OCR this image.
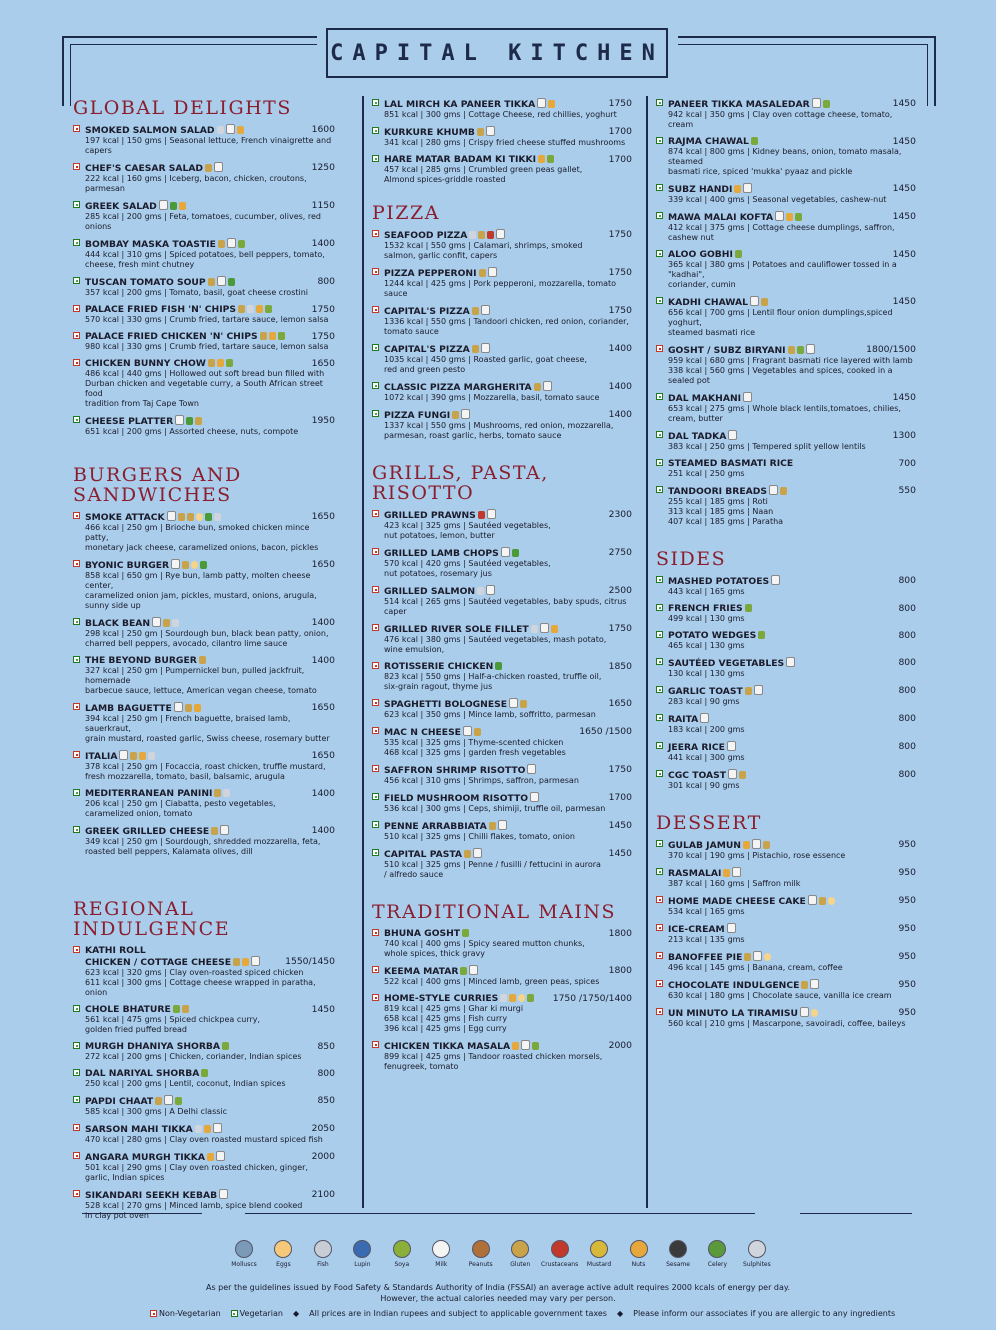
CAPITAL KITCHEN
GLOBAL DELIGHTS
SMOKED SALMON SALAD	1600
197 kcal | 150 gms | Seasonal lettuce, French vinaigrette and capers
CHEF'S CAESAR SALAD	1250
222 kcal | 160 gms | Iceberg, bacon, chicken, croutons, parmesan
GREEK SALAD	1150
285 kcal | 200 gms | Feta, tomatoes, cucumber, olives, red onions
BOMBAY MASKA TOASTIE	1400
444 kcal | 310 gms | Spiced potatoes, bell peppers, tomato,
cheese, fresh mint chutney
TUSCAN TOMATO SOUP	800
357 kcal | 200 gms | Tomato, basil, goat cheese crostini
PALACE FRIED FISH 'N' CHIPS	1750
570 kcal | 330 gms | Crumb fried, tartare sauce, lemon salsa
PALACE FRIED CHICKEN 'N' CHIPS	1750
980 kcal | 330 gms | Crumb fried, tartare sauce, lemon salsa
CHICKEN BUNNY CHOW	1650
486 kcal | 440 gms | Hollowed out soft bread bun filled with
Durban chicken and vegetable curry, a South African street food
tradition from Taj Cape Town
CHEESE PLATTER	1950
651 kcal | 200 gms | Assorted cheese, nuts, compote
BURGERS AND SANDWICHES
SMOKE ATTACK	1650
466 kcal | 250 gm | Brioche bun, smoked chicken mince patty,
monetary jack cheese, caramelized onions, bacon, pickles
BYONIC BURGER	1650
858 kcal | 650 gm | Rye bun, lamb patty, molten cheese center,
caramelized onion jam, pickles, mustard, onions, arugula, sunny side up
BLACK BEAN	1400
298 kcal | 250 gm | Sourdough bun, black bean patty, onion,
charred bell peppers, avocado, cilantro lime sauce
THE BEYOND BURGER	1400
327 kcal | 250 gm | Pumpernickel bun, pulled jackfruit, homemade
barbecue sauce, lettuce, American vegan cheese, tomato
LAMB BAGUETTE	1650
394 kcal | 250 gm | French baguette, braised lamb, sauerkraut,
grain mustard, roasted garlic, Swiss cheese, rosemary butter
ITALIA	1650
378 kcal | 250 gm | Focaccia, roast chicken, truffle mustard,
fresh mozzarella, tomato, basil, balsamic, arugula
MEDITERRANEAN PANINI	1400
206 kcal | 250 gm | Ciabatta, pesto vegetables,
caramelized onion, tomato
GREEK GRILLED CHEESE	1400
349 kcal | 250 gm | Sourdough, shredded mozzarella, feta,
roasted bell peppers, Kalamata olives, dill
REGIONAL INDULGENCE
KATHI ROLL
CHICKEN / COTTAGE CHEESE	1550/1450
623 kcal | 320 gms | Clay oven-roasted spiced chicken
611 kcal | 300 gms | Cottage cheese wrapped in paratha, onion
CHOLE BHATURE	1450
561 kcal | 475 gms | Spiced chickpea curry,
golden fried puffed bread
MURGH DHANIYA SHORBA	850
272 kcal | 200 gms | Chicken, coriander, Indian spices
DAL NARIYAL SHORBA	800
250 kcal | 200 gms | Lentil, coconut, Indian spices
PAPDI CHAAT	850
585 kcal | 300 gms | A Delhi classic
SARSON MAHI TIKKA	2050
470 kcal | 280 gms | Clay oven roasted mustard spiced fish
ANGARA MURGH TIKKA	2000
501 kcal | 290 gms | Clay oven roasted chicken, ginger,
garlic, Indian spices
SIKANDARI SEEKH KEBAB	2100
528 kcal | 270 gms | Minced lamb, spice blend cooked
in clay pot oven
LAL MIRCH KA PANEER TIKKA	1750
851 kcal | 300 gms | Cottage Cheese, red chillies, yoghurt
KURKURE KHUMB	1700
341 kcal | 280 gms | Crispy fried cheese stuffed mushrooms
HARE MATAR BADAM KI TIKKI	1700
457 kcal | 285 gms | Crumbled green peas gallet,
Almond spices-griddle roasted
PIZZA
SEAFOOD PIZZA	1750
1532 kcal | 550 gms | Calamari, shrimps, smoked
salmon, garlic confit, capers
PIZZA PEPPERONI	1750
1244 kcal | 425 gms | Pork pepperoni, mozzarella, tomato sauce
CAPITAL'S PIZZA	1750
1336 kcal | 550 gms | Tandoori chicken, red onion, coriander,
tomato sauce
CAPITAL'S PIZZA	1400
1035 kcal | 450 gms | Roasted garlic, goat cheese,
red and green pesto
CLASSIC PIZZA MARGHERITA	1400
1072 kcal | 390 gms | Mozzarella, basil, tomato sauce
PIZZA FUNGI	1400
1337 kcal | 550 gms | Mushrooms, red onion, mozzarella,
parmesan, roast garlic, herbs, tomato sauce
GRILLS, PASTA, RISOTTO
GRILLED PRAWNS	2300
423 kcal | 325 gms | Sautéed vegetables,
nut potatoes, lemon, butter
GRILLED LAMB CHOPS	2750
570 kcal | 420 gms | Sautéed vegetables,
nut potatoes, rosemary jus
GRILLED SALMON	2500
514 kcal | 265 gms | Sautéed vegetables, baby spuds, citrus caper
GRILLED RIVER SOLE FILLET	1750
476 kcal | 380 gms | Sautéed vegetables, mash potato,
wine emulsion,
ROTISSERIE CHICKEN	1850
823 kcal | 550 gms | Half-a-chicken roasted, truffle oil,
six-grain ragout, thyme jus
SPAGHETTI BOLOGNESE	1650
623 kcal | 350 gms | Mince lamb, soffritto, parmesan
MAC N CHEESE	1650 /1500
535 kcal | 325 gms | Thyme-scented chicken
468 kcal | 325 gms | garden fresh vegetables
SAFFRON SHRIMP RISOTTO	1750
456 kcal | 310 gms | Shrimps, saffron, parmesan
FIELD MUSHROOM RISOTTO	1700
536 kcal | 300 gms | Ceps, shimiji, truffle oil, parmesan
PENNE ARRABBIATA	1450
510 kcal | 325 gms | Chilli flakes, tomato, onion
CAPITAL PASTA	1450
510 kcal | 325 gms | Penne / fusilli / fettucini in aurora
/ alfredo sauce
TRADITIONAL MAINS
BHUNA GOSHT	1800
740 kcal | 400 gms | Spicy seared mutton chunks,
whole spices, thick gravy
KEEMA MATAR	1800
522 kcal | 400 gms | Minced lamb, green peas, spices
HOME-STYLE CURRIES	1750 /1750/1400
819 kcal | 425 gms | Ghar ki murgi
658 kcal | 425 gms | Fish curry
396 kcal | 425 gms | Egg curry
CHICKEN TIKKA MASALA	2000
899 kcal | 425 gms | Tandoor roasted chicken morsels,
fenugreek, tomato
PANEER TIKKA MASALEDAR	1450
942 kcal | 350 gms | Clay oven cottage cheese, tomato, cream
RAJMA CHAWAL	1450
874 kcal | 800 gms | Kidney beans, onion, tomato masala, steamed
basmati rice, spiced 'mukka' pyaaz and pickle
SUBZ HANDI	1450
339 kcal | 400 gms | Seasonal vegetables, cashew-nut
MAWA MALAI KOFTA	1450
412 kcal | 375 gms | Cottage cheese dumplings, saffron,
cashew nut
ALOO GOBHI	1450
365 kcal | 380 gms | Potatoes and cauliflower tossed in a "kadhai",
coriander, cumin
KADHI CHAWAL	1450
656 kcal | 700 gms | Lentil flour onion dumplings,spiced yoghurt,
steamed basmati rice
GOSHT / SUBZ BIRYANI	1800/1500
959 kcal | 680 gms | Fragrant basmati rice layered with lamb
338 kcal | 560 gms | Vegetables and spices, cooked in a sealed pot
DAL MAKHANI	1450
653 kcal | 275 gms | Whole black lentils,tomatoes, chilies,
cream, butter
DAL TADKA	1300
383 kcal | 250 gms | Tempered split yellow lentils
STEAMED BASMATI RICE	700
251 kcal | 250 gms
TANDOORI BREADS	550
255 kcal | 185 gms | Roti
313 kcal | 185 gms | Naan
407 kcal | 185 gms | Paratha
SIDES
MASHED POTATOES	800
443 kcal | 165 gms
FRENCH FRIES	800
499 kcal | 130 gms
POTATO WEDGES	800
465 kcal | 130 gms
SAUTÉED VEGETABLES	800
130 kcal | 130 gms
GARLIC TOAST	800
283 kcal | 90 gms
RAITA	800
183 kcal | 200 gms
JEERA RICE	800
441 kcal | 300 gms
CGC TOAST	800
301 kcal | 90 gms
DESSERT
GULAB JAMUN	950
370 kcal | 190 gms | Pistachio, rose essence
RASMALAI	950
387 kcal | 160 gms | Saffron milk
HOME MADE CHEESE CAKE	950
534 kcal | 165 gms
ICE-CREAM	950
213 kcal | 135 gms
BANOFFEE PIE	950
496 kcal | 145 gms | Banana, cream, coffee
CHOCOLATE INDULGENCE	950
630 kcal | 180 gms | Chocolate sauce, vanilla ice cream
UN MINUTO LA TIRAMISU	950
560 kcal | 210 gms | Mascarpone, savoiradi, coffee, baileys
Molluscs	Eggs	Fish	Lupin	Soya	Milk	Peanuts	Gluten Crustaceans Mustard	Nuts	Sesame	Celery	Sulphites
As per the guidelines issued by Food Safety & Standards Authority of India (FSSAI) an average active adult requires 2000 kcals of energy per day.
However, the actual calories needed may vary per person.
Non-Vegetarian	Vegetarian ◆ All prices are in Indian rupees and subject to applicable government taxes ◆ Please inform our associates if you are allergic to any ingredients
